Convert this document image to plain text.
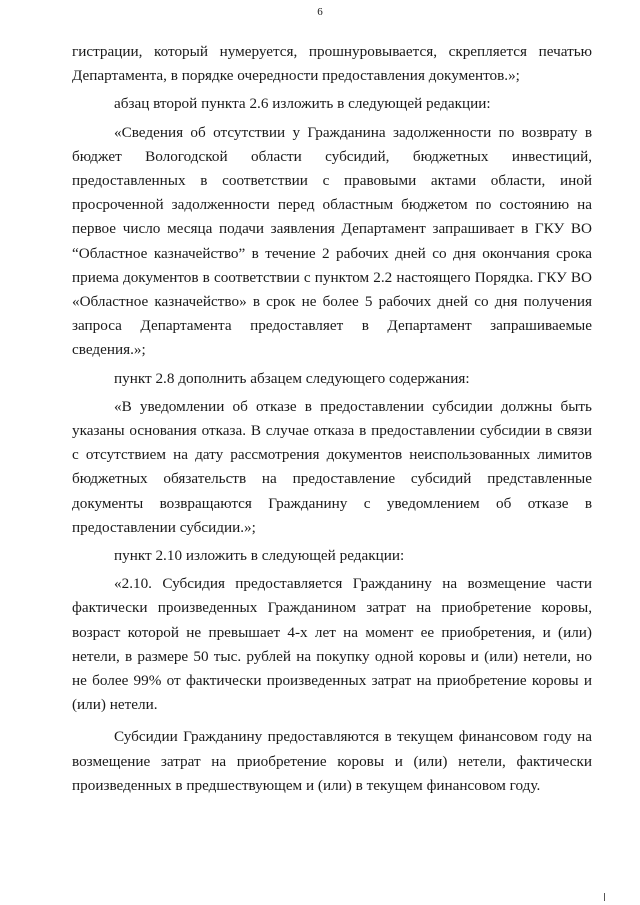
6

гистрации, который нумеруется, прошнуровывается, скрепляется печатью Департамента, в порядке очередности предоставления документов.»;

абзац второй пункта 2.6 изложить в следующей редакции:

«Сведения об отсутствии у Гражданина задолженности по возврату в бюджет Вологодской области субсидий, бюджетных инвестиций, предоставленных в соответствии с правовыми актами области, иной просроченной задолженности перед областным бюджетом по состоянию на первое число месяца подачи заявления Департамент запрашивает в ГКУ ВО “Областное казначейство” в течение 2 рабочих дней со дня окончания срока приема документов в соответствии с пунктом 2.2 настоящего Порядка. ГКУ ВО «Областное казначейство» в срок не более 5 рабочих дней со дня получения запроса Департамента предоставляет в Департамент запрашиваемые сведения.»;

пункт 2.8 дополнить абзацем следующего содержания:

«В уведомлении об отказе в предоставлении субсидии должны быть указаны основания отказа. В случае отказа в предоставлении субсидии в связи с отсутствием на дату рассмотрения документов неиспользованных лимитов бюджетных обязательств на предоставление субсидий представленные документы возвращаются Гражданину с уведомлением об отказе в предоставлении субсидии.»;

пункт 2.10 изложить в следующей редакции:

«2.10. Субсидия предоставляется Гражданину на возмещение части фактически произведенных Гражданином затрат на приобретение коровы, возраст которой не превышает 4-х лет на момент ее приобретения, и (или) нетели, в размере 50 тыс. рублей на покупку одной коровы и (или) нетели, но не более 99% от фактически произведенных затрат на приобретение коровы и (или) нетели.

Субсидии Гражданину предоставляются в текущем финансовом году на возмещение затрат на приобретение коровы и (или) нетели, фактически произведенных в предшествующем и (или) в текущем финансовом году.
